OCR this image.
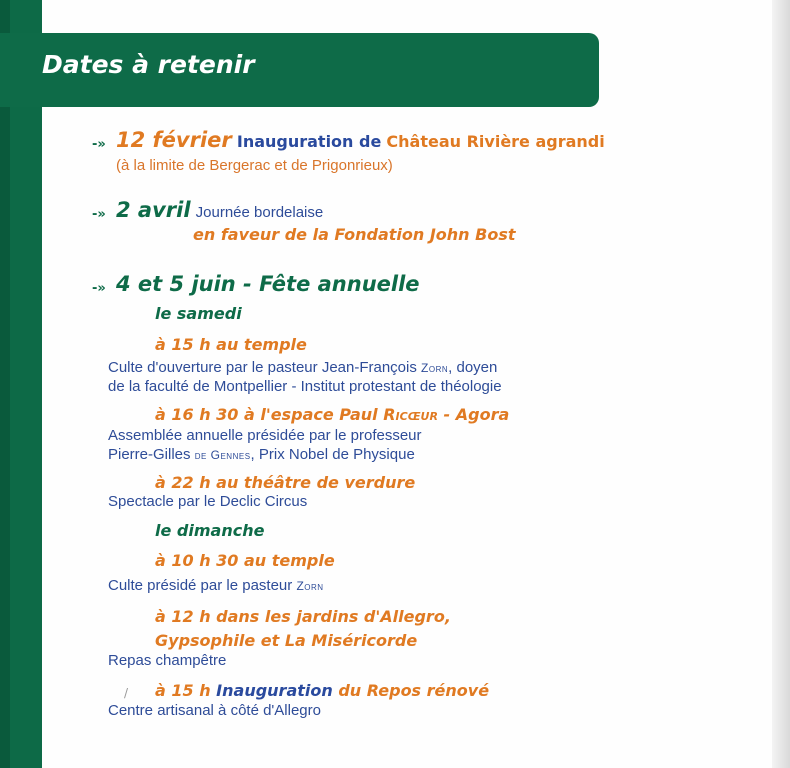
Dates à retenir
-» 12 février Inauguration de Château Rivière agrandi
(à la limite de Bergerac et de Prigonrieux)
-» 2 avril Journée bordelaise
en faveur de la Fondation John Bost
-» 4 et 5 juin - Fête annuelle
le samedi
à 15 h au temple
Culte d'ouverture par le pasteur Jean-François Zorn, doyen
de la faculté de Montpellier - Institut protestant de théologie
à 16 h 30 à l'espace Paul Ricœur - Agora
Assemblée annuelle présidée par le professeur
Pierre-Gilles de Gennes, Prix Nobel de Physique
à 22 h au théâtre de verdure
Spectacle par le Declic Circus
le dimanche
à 10 h 30 au temple
Culte présidé par le pasteur Zorn
à 12 h dans les jardins d'Allegro,
Gypsophile et La Miséricorde
Repas champêtre
/ à 15 h Inauguration du Repos rénové
Centre artisanal à côté d'Allegro
